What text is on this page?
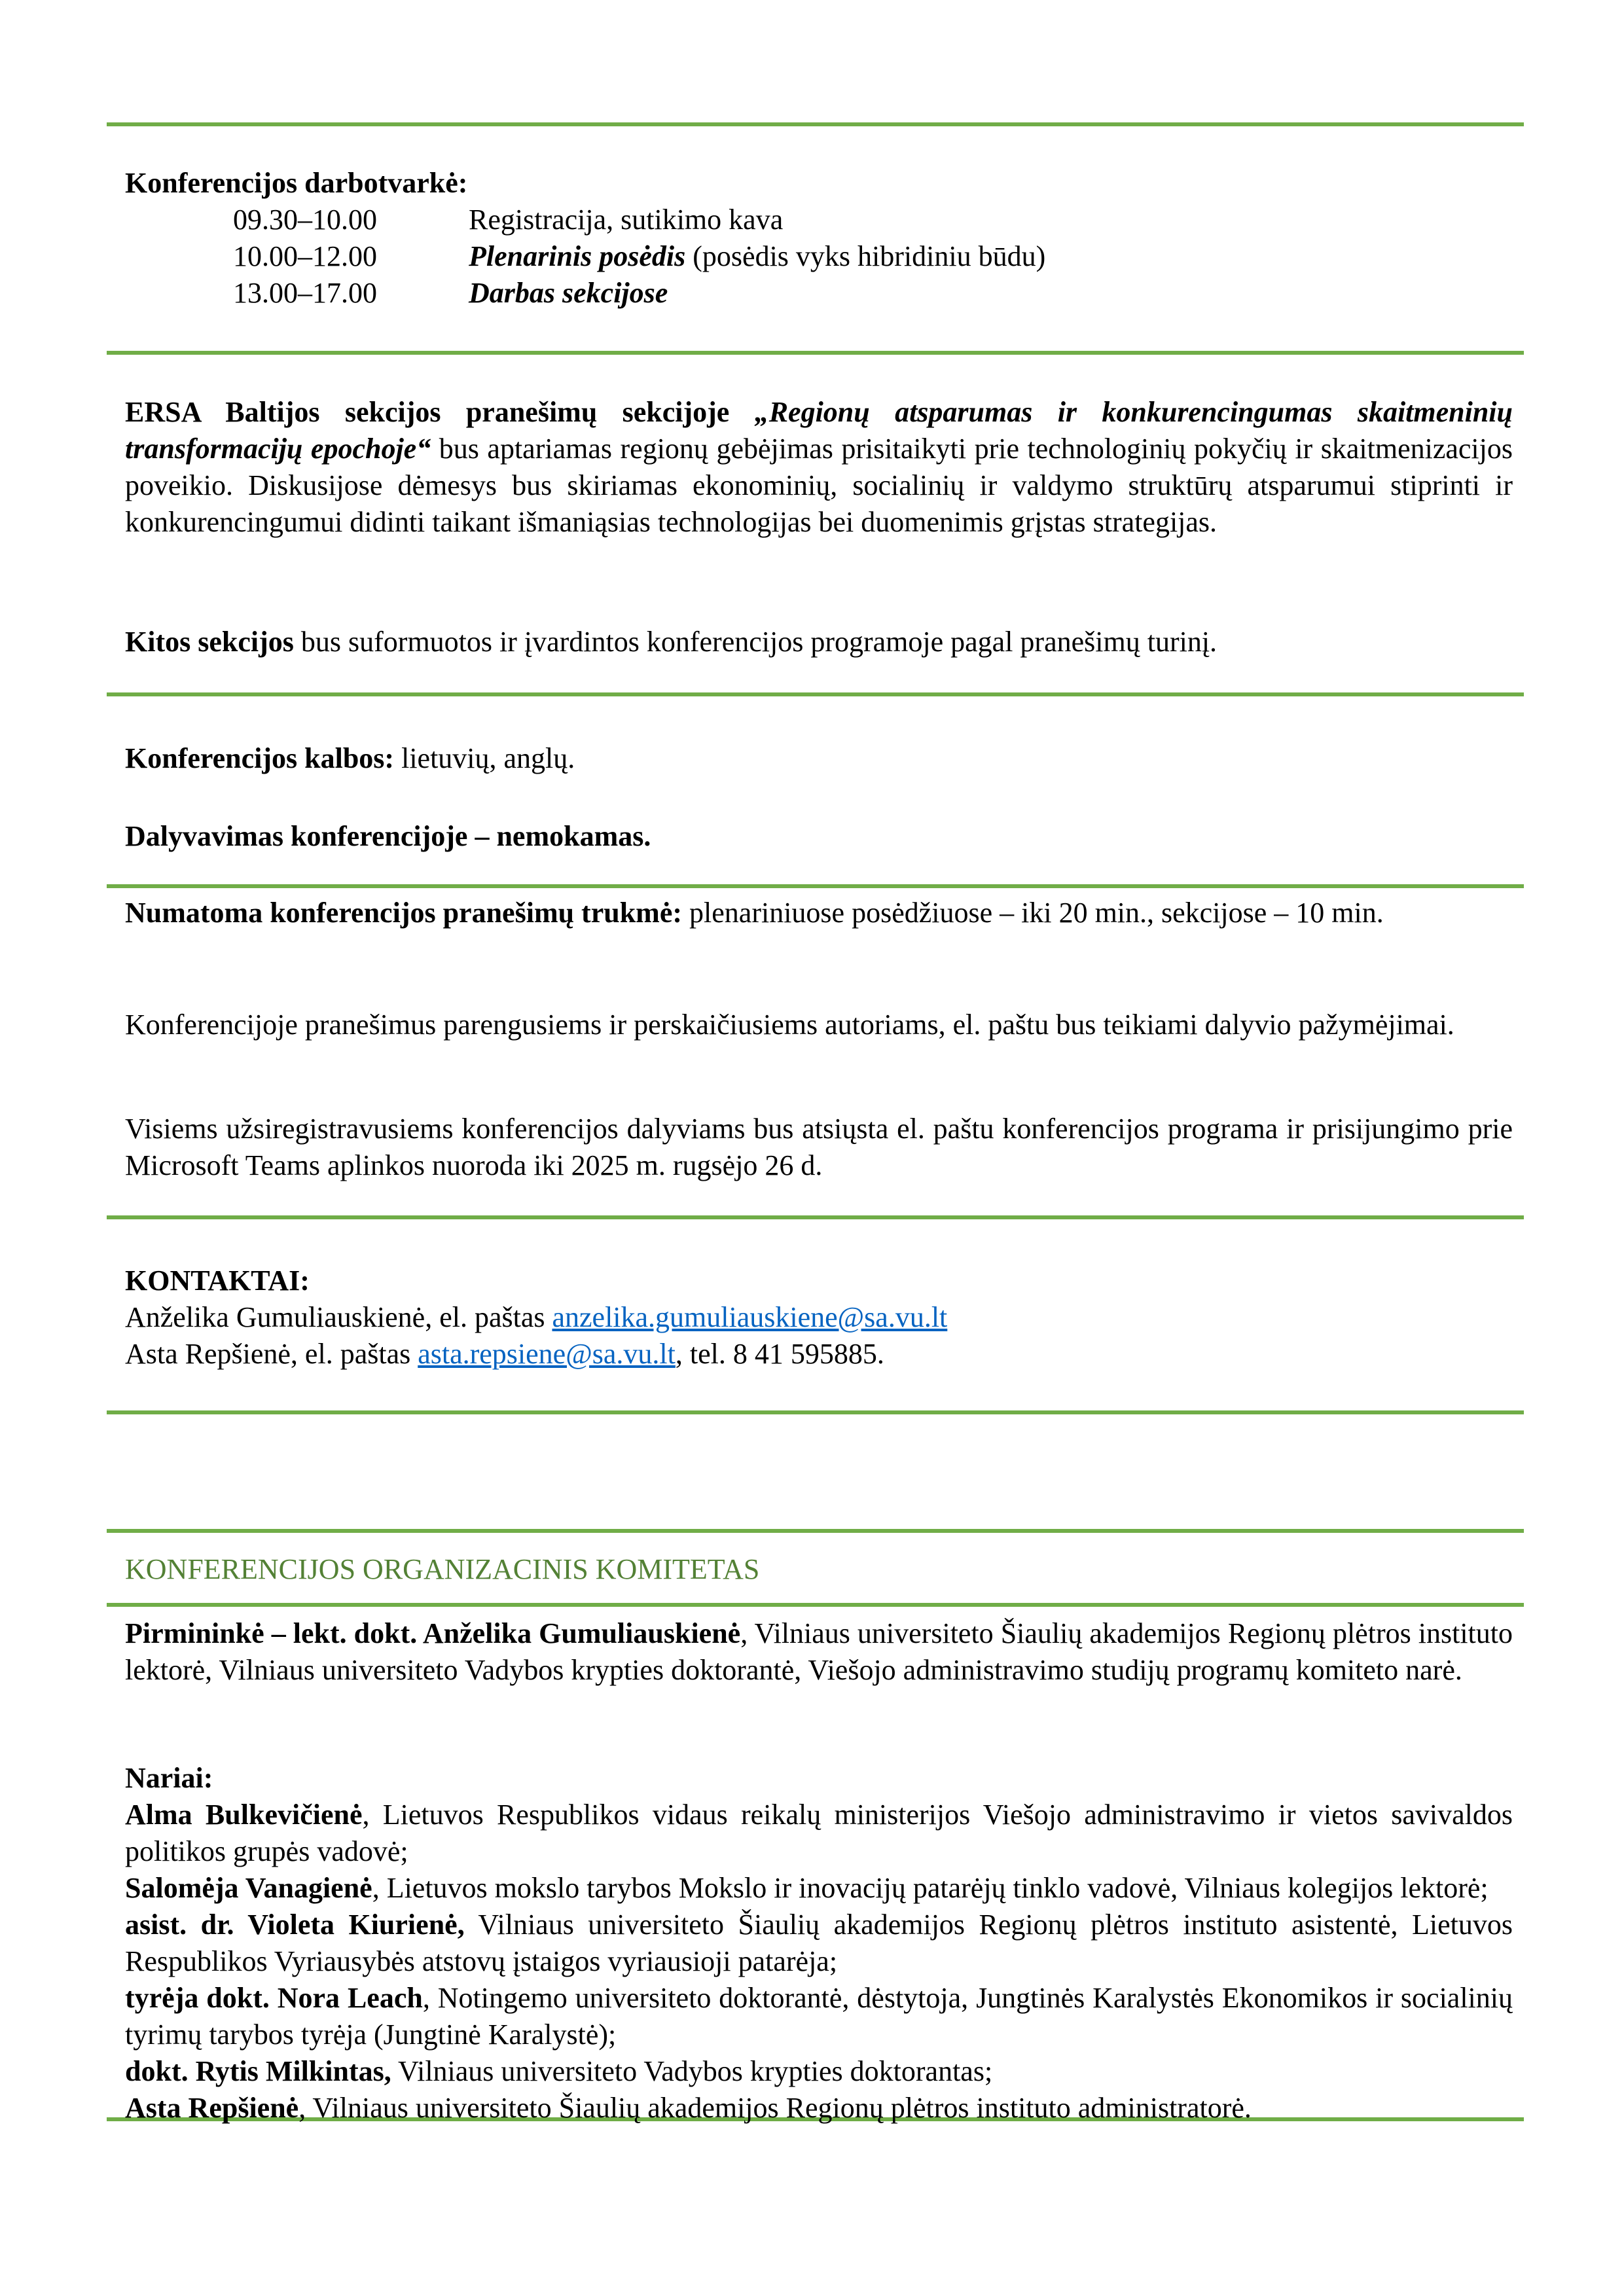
Konferencijos darbotvarkė:

09.30–10.00	Registracija, sutikimo kava
10.00–12.00	Plenarinis posėdis (posėdis vyks hibridiniu būdu)
13.00–17.00	Darbas sekcijose

ERSA Baltijos sekcijos pranešimų sekcijoje „Regionų atsparumas ir konkurencingumas skaitmeninių transformacijų epochoje“ bus aptariamas regionų gebėjimas prisitaikyti prie technologinių pokyčių ir skaitmenizacijos poveikio. Diskusijose dėmesys bus skiriamas ekonominių, socialinių ir valdymo struktūrų atsparumui stiprinti ir konkurencingumui didinti taikant išmaniąsias technologijas bei duomenimis grįstas strategijas.

Kitos sekcijos bus suformuotos ir įvardintos konferencijos programoje pagal pranešimų turinį.

Konferencijos kalbos: lietuvių, anglų.

Dalyvavimas konferencijoje – nemokamas.

Numatoma konferencijos pranešimų trukmė: plenariniuose posėdžiuose – iki 20 min., sekcijose – 10 min.

Konferencijoje pranešimus parengusiems ir perskaičiusiems autoriams, el. paštu bus teikiami dalyvio pažymėjimai.

Visiems užsiregistravusiems konferencijos dalyviams bus atsiųsta el. paštu konferencijos programa ir prisijungimo prie Microsoft Teams aplinkos nuoroda iki 2025 m. rugsėjo 26 d.

KONTAKTAI:

Anželika Gumuliauskienė, el. paštas anzelika.gumuliauskiene@sa.vu.lt

Asta Repšienė, el. paštas asta.repsiene@sa.vu.lt, tel. 8 41 595885.

KONFERENCIJOS ORGANIZACINIS KOMITETAS

Pirmininkė – lekt. dokt. Anželika Gumuliauskienė, Vilniaus universiteto Šiaulių akademijos Regionų plėtros instituto lektorė, Vilniaus universiteto Vadybos krypties doktorantė, Viešojo administravimo studijų programų komiteto narė.

Nariai:

Alma Bulkevičienė, Lietuvos Respublikos vidaus reikalų ministerijos Viešojo administravimo ir vietos savivaldos politikos grupės vadovė;

Salomėja Vanagienė, Lietuvos mokslo tarybos Mokslo ir inovacijų patarėjų tinklo vadovė, Vilniaus kolegijos lektorė;

asist. dr. Violeta Kiurienė, Vilniaus universiteto Šiaulių akademijos Regionų plėtros instituto asistentė, Lietuvos Respublikos Vyriausybės atstovų įstaigos vyriausioji patarėja;

tyrėja dokt. Nora Leach, Notingemo universiteto doktorantė, dėstytoja, Jungtinės Karalystės Ekonomikos ir socialinių tyrimų tarybos tyrėja (Jungtinė Karalystė);

dokt. Rytis Milkintas, Vilniaus universiteto Vadybos krypties doktorantas;

Asta Repšienė, Vilniaus universiteto Šiaulių akademijos Regionų plėtros instituto administratorė.
